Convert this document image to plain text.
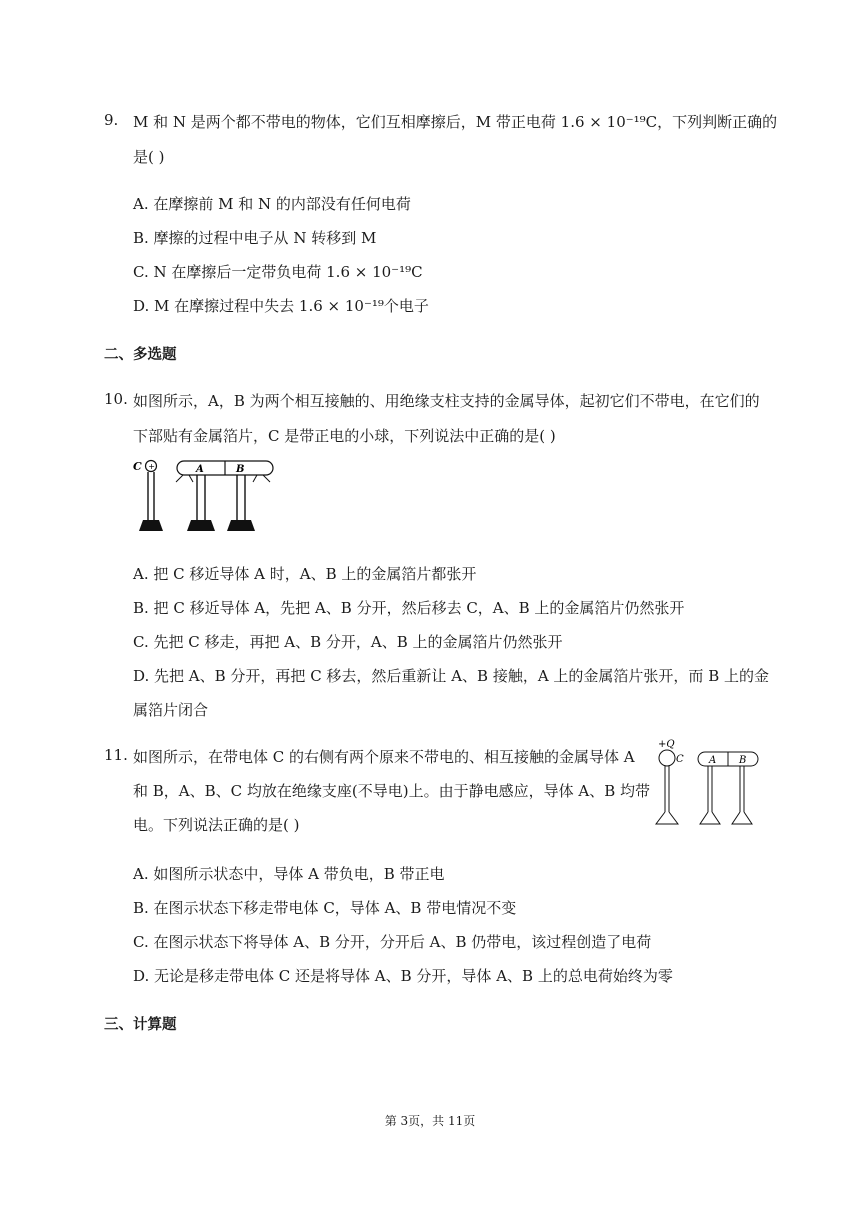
9. M 和 N 是两个都不带电的物体，它们互相摩擦后，M 带正电荷 1.6 × 10⁻¹⁹C，下列判断正确的
是( )
A. 在摩擦前 M 和 N 的内部没有任何电荷
B. 摩擦的过程中电子从 N 转移到 M
C. N 在摩擦后一定带负电荷 1.6 × 10⁻¹⁹C
D. M 在摩擦过程中失去 1.6 × 10⁻¹⁹个电子
二、多选题
10. 如图所示，A，B 为两个相互接触的、用绝缘支柱支持的金属导体，起初它们不带电，在它们的
下部贴有金属箔片，C 是带正电的小球，下列说法中正确的是( )
C +	A	B
A. 把 C 移近导体 A 时，A、B 上的金属箔片都张开
B. 把 C 移近导体 A，先把 A、B 分开，然后移去 C，A、B 上的金属箔片仍然张开
C. 先把 C 移走，再把 A、B 分开，A、B 上的金属箔片仍然张开
D. 先把 A、B 分开，再把 C 移去，然后重新让 A、B 接触，A 上的金属箔片张开，而 B 上的金
属箔片闭合
11. 如图所示，在带电体 C 的右侧有两个原来不带电的、相互接触的金属导体 A
和 B，A、B、C 均放在绝缘支座(不导电)上。由于静电感应，导体 A、B 均带
电。下列说法正确的是( )
+Q
C	A B
A. 如图所示状态中，导体 A 带负电，B 带正电
B. 在图示状态下移走带电体 C，导体 A、B 带电情况不变
C. 在图示状态下将导体 A、B 分开，分开后 A、B 仍带电，该过程创造了电荷
D. 无论是移走带电体 C 还是将导体 A、B 分开，导体 A、B 上的总电荷始终为零
三、计算题
第 3页，共 11页
